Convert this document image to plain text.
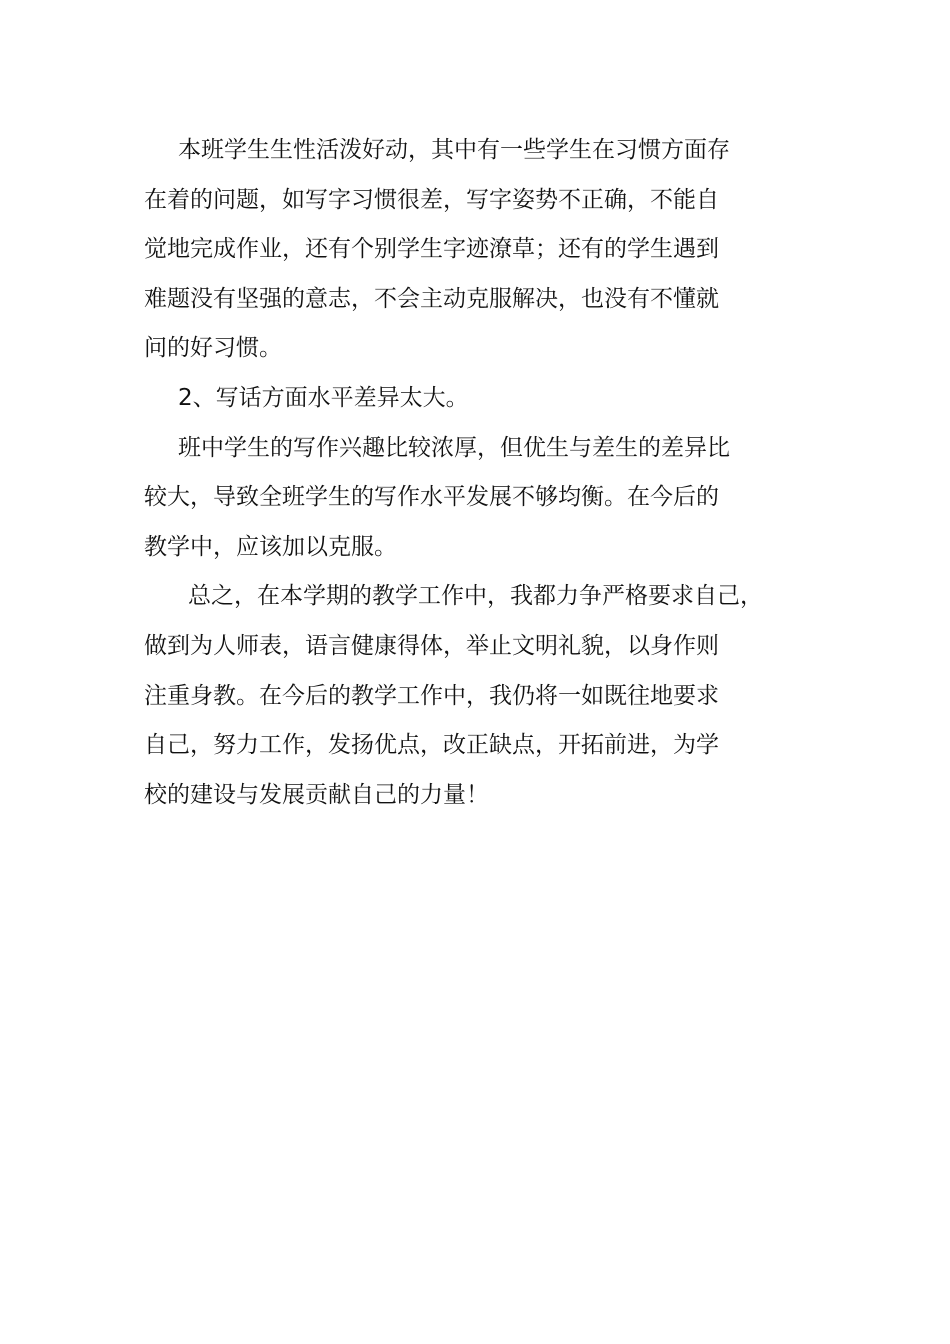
本班学生生性活泼好动，其中有一些学生在习惯方面存
在着的问题，如写字习惯很差，写字姿势不正确，不能自
觉地完成作业，还有个别学生字迹潦草；还有的学生遇到
难题没有坚强的意志，不会主动克服解决，也没有不懂就
问的好习惯。
2、写话方面水平差异太大。
班中学生的写作兴趣比较浓厚，但优生与差生的差异比
较大，导致全班学生的写作水平发展不够均衡。在今后的
教学中，应该加以克服。
总之，在本学期的教学工作中，我都力争严格要求自己，
做到为人师表，语言健康得体，举止文明礼貌，以身作则
注重身教。在今后的教学工作中，我仍将一如既往地要求
自己，努力工作，发扬优点，改正缺点，开拓前进，为学
校的建设与发展贡献自己的力量！
